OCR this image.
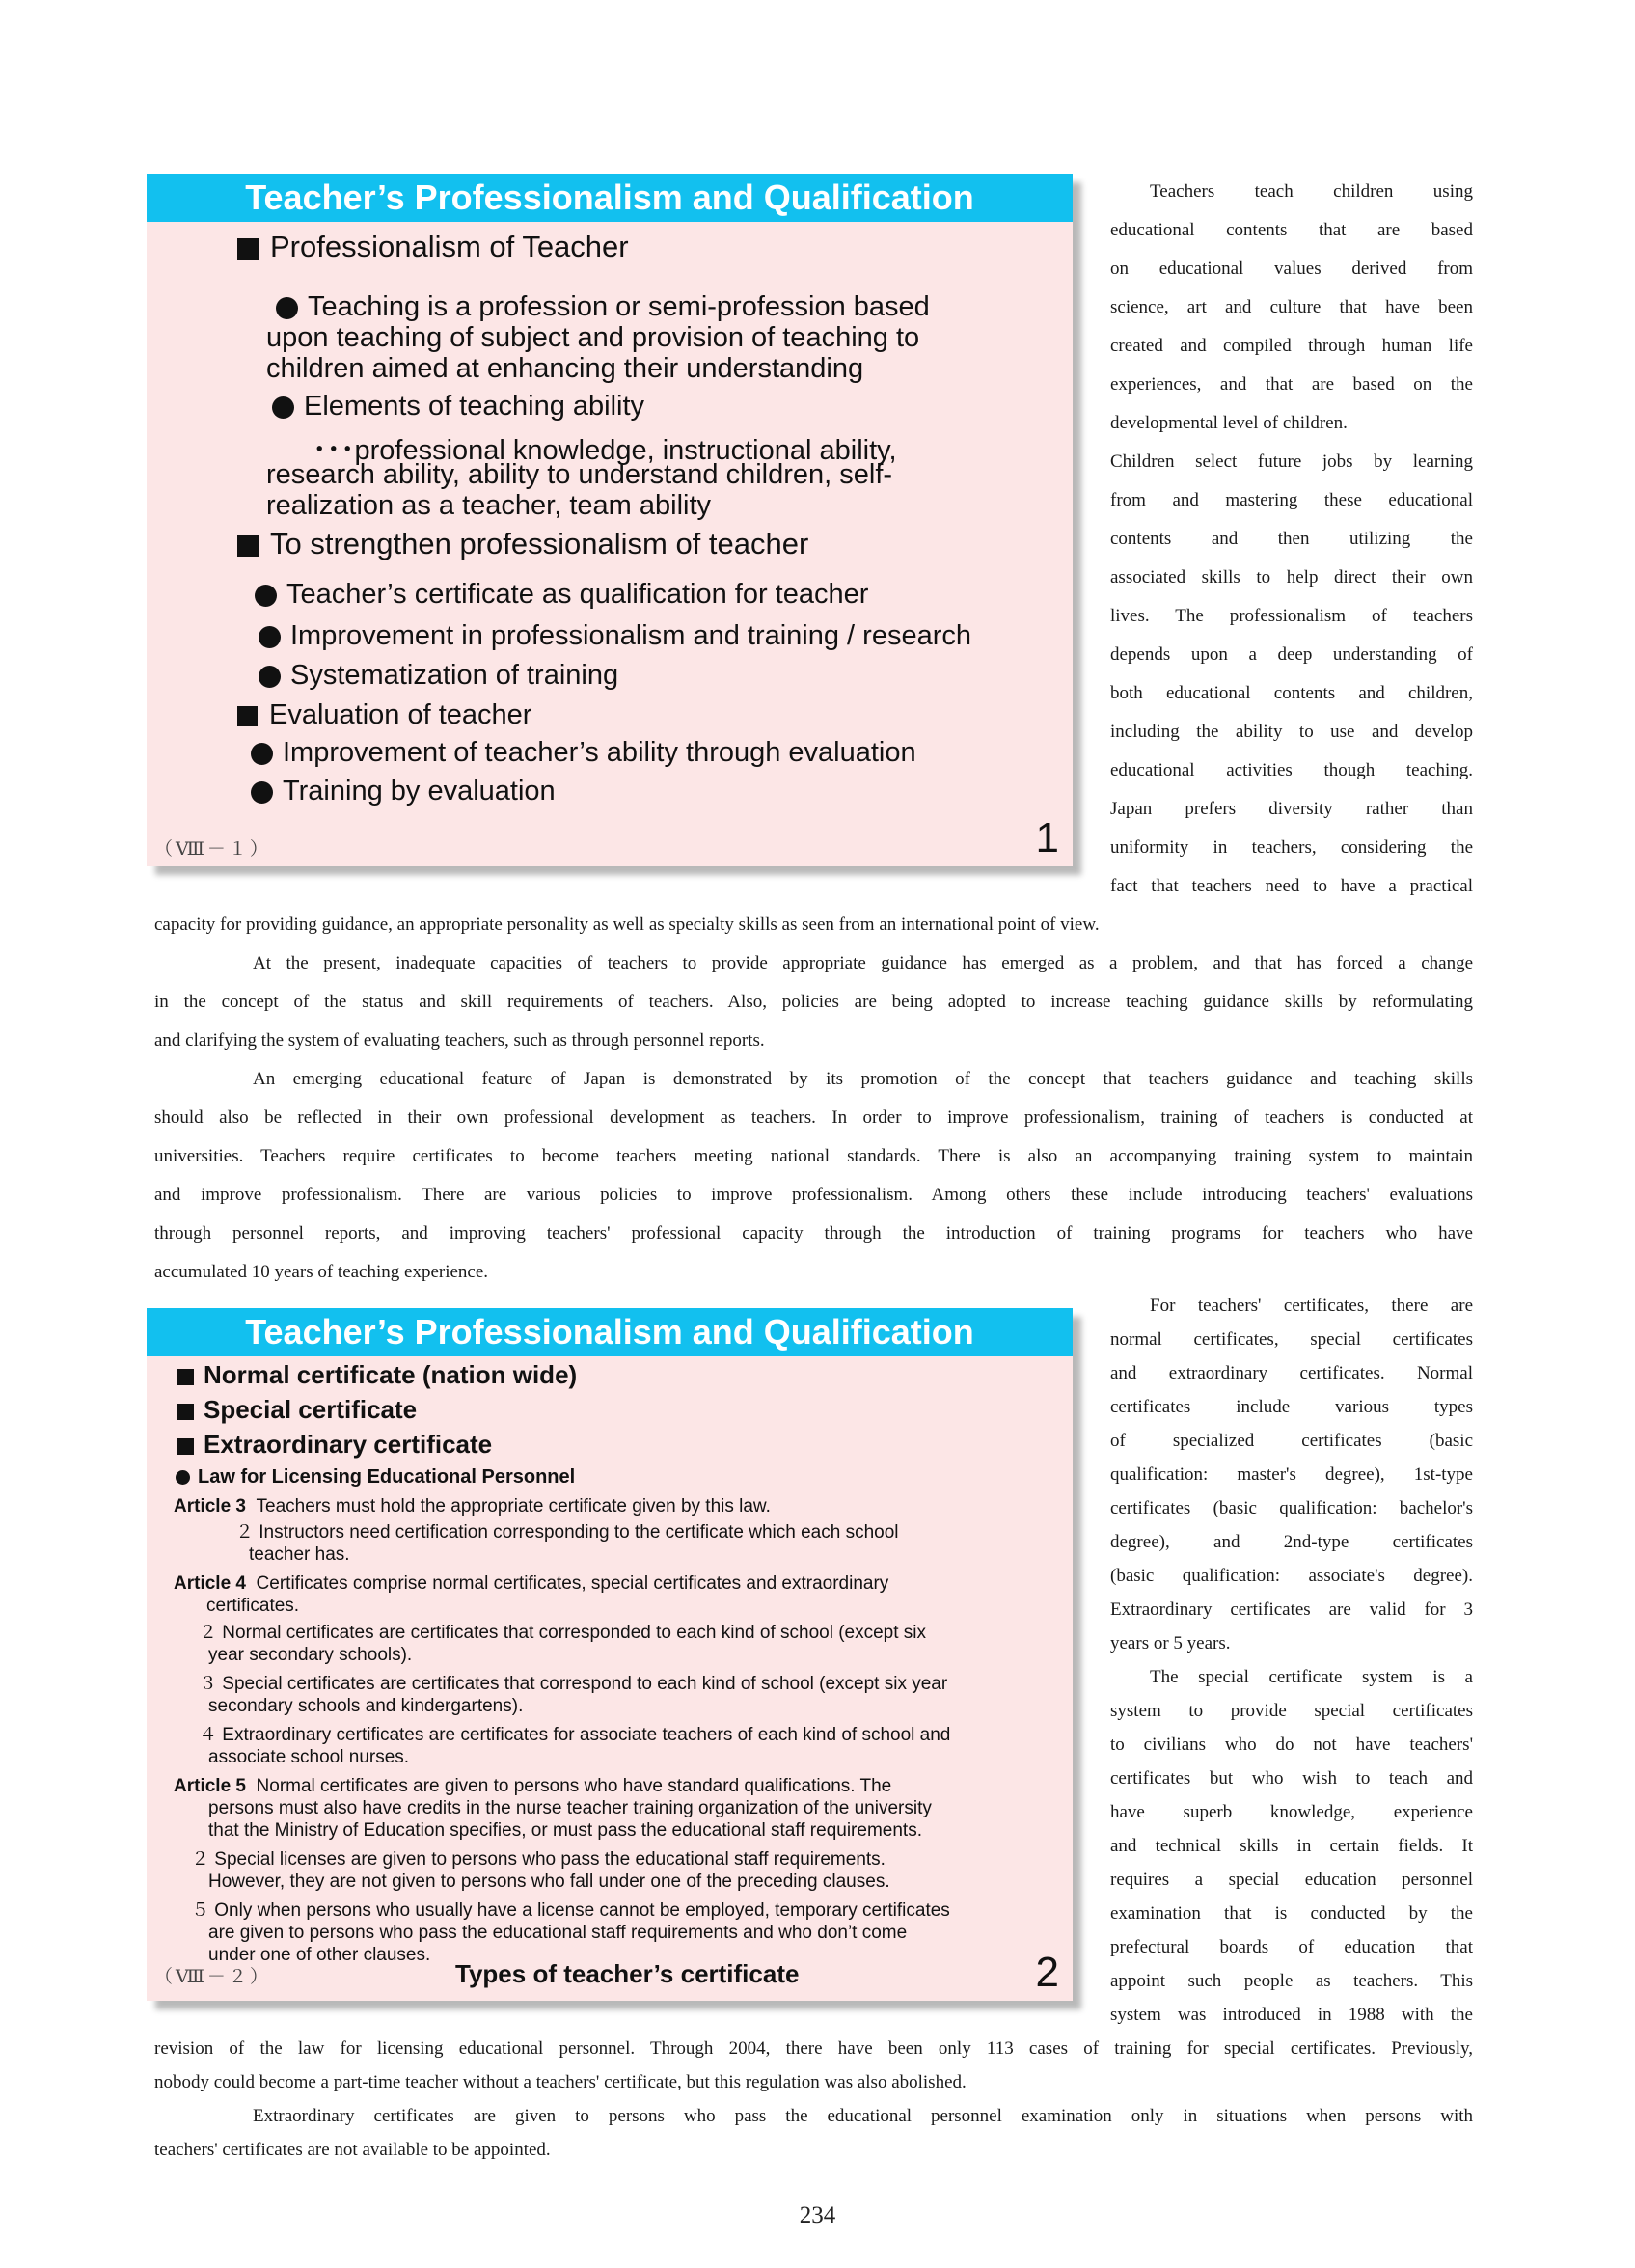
Teacher’s Professionalism and Qualification
Professionalism of Teacher
Teaching is a profession or semi-profession based
upon teaching of subject and provision of teaching to
children aimed at enhancing their understanding
Elements of teaching ability
･･･professional knowledge, instructional ability,
research ability, ability to understand children, self-
realization as a teacher, team ability
To strengthen professionalism of teacher
Teacher’s certificate as qualification for teacher
Improvement in professionalism and training / research
Systematization of training
Evaluation of teacher
Improvement of teacher’s ability through evaluation
Training by evaluation
（Ⅷ－１）	1
Teacher’s Professionalism and Qualification
Normal certificate (nation wide)
Special certificate
Extraordinary certificate
Law for Licensing Educational Personnel
Article 3 Teachers must hold the appropriate certificate given by this law.
２ Instructors need certification corresponding to the certificate which each school
teacher has.
Article 4 Certificates comprise normal certificates, special certificates and extraordinary
certificates.
２ Normal certificates are certificates that corresponded to each kind of school (except six
year secondary schools).
３ Special certificates are certificates that correspond to each kind of school (except six year
secondary schools and kindergartens).
４ Extraordinary certificates are certificates for associate teachers of each kind of school and
associate school nurses.
Article 5 Normal certificates are given to persons who have standard qualifications. The
persons must also have credits in the nurse teacher training organization of the university
that the Ministry of Education specifies, or must pass the educational staff requirements.
２ Special licenses are given to persons who pass the educational staff requirements.
However, they are not given to persons who fall under one of the preceding clauses.
５ Only when persons who usually have a license cannot be employed, temporary certificates
are given to persons who pass the educational staff requirements and who don’t come
under one of other clauses.
（Ⅷ－２）	Types of teacher’s certificate	2
Teachers teach children using
educational contents that are based
on educational values derived from
science, art and culture that have been
created and compiled through human life
experiences, and that are based on the
developmental level of children.
Children select future jobs by learning
from and mastering these educational
contents and then utilizing the
associated skills to help direct their own
lives. The professionalism of teachers
depends upon a deep understanding of
both educational contents and children,
including the ability to use and develop
educational activities though teaching.
Japan prefers diversity rather than
uniformity in teachers, considering the
fact that teachers need to have a practical
capacity for providing guidance, an appropriate personality as well as specialty skills as seen from an international point of view.
At the present, inadequate capacities of teachers to provide appropriate guidance has emerged as a problem, and that has forced a change
in the concept of the status and skill requirements of teachers. Also, policies are being adopted to increase teaching guidance skills by reformulating
and clarifying the system of evaluating teachers, such as through personnel reports.
An emerging educational feature of Japan is demonstrated by its promotion of the concept that teachers guidance and teaching skills
should also be reflected in their own professional development as teachers. In order to improve professionalism, training of teachers is conducted at
universities. Teachers require certificates to become teachers meeting national standards. There is also an accompanying training system to maintain
and improve professionalism. There are various policies to improve professionalism. Among others these include introducing teachers' evaluations
through personnel reports, and improving teachers' professional capacity through the introduction of training programs for teachers who have
accumulated 10 years of teaching experience.
For teachers' certificates, there are
normal certificates, special certificates
and extraordinary certificates. Normal
certificates include various types
of specialized certificates (basic
qualification: master's degree), 1st-type
certificates (basic qualification: bachelor's
degree), and 2nd-type certificates
(basic qualification: associate's degree).
Extraordinary certificates are valid for 3
years or 5 years.
The special certificate system is a
system to provide special certificates
to civilians who do not have teachers'
certificates but who wish to teach and
have superb knowledge, experience
and technical skills in certain fields. It
requires a special education personnel
examination that is conducted by the
prefectural boards of education that
appoint such people as teachers. This
system was introduced in 1988 with the
revision of the law for licensing educational personnel. Through 2004, there have been only 113 cases of training for special certificates. Previously,
nobody could become a part-time teacher without a teachers' certificate, but this regulation was also abolished.
Extraordinary certificates are given to persons who pass the educational personnel examination only in situations when persons with
teachers' certificates are not available to be appointed.
234
